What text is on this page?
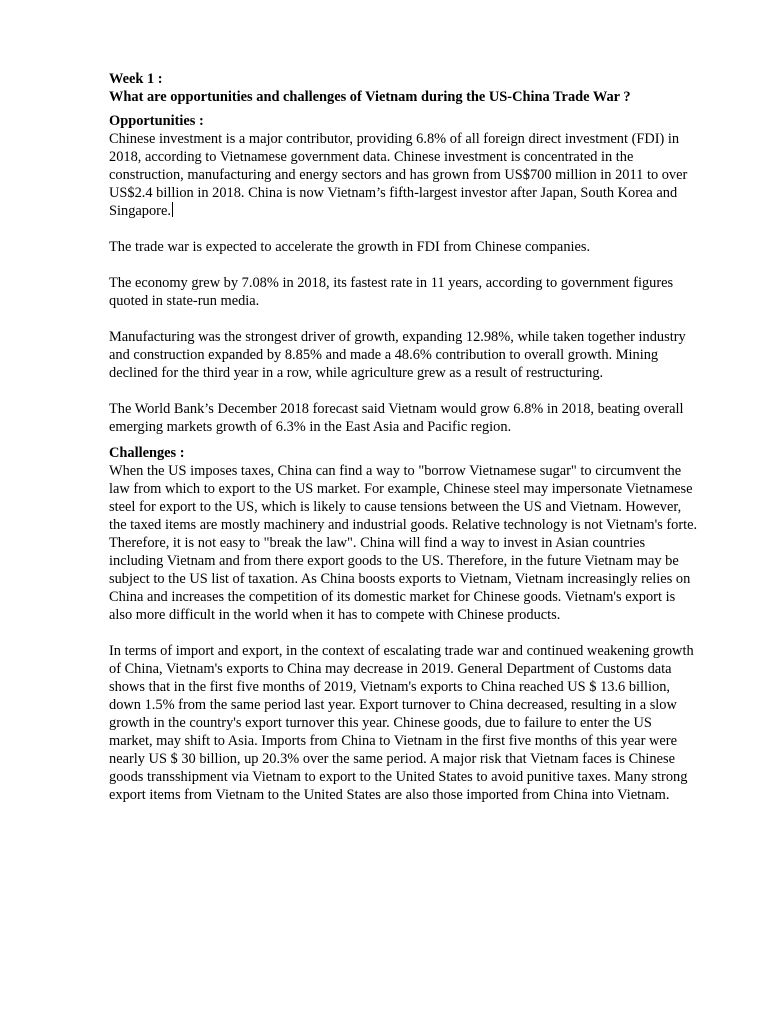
Week 1 :

What are opportunities and challenges of Vietnam during the US-China Trade War ?

Opportunities :

Chinese investment is a major contributor, providing 6.8% of all foreign direct investment (FDI) in 2018, according to Vietnamese government data. Chinese investment is concentrated in the construction, manufacturing and energy sectors and has grown from US$700 million in 2011 to over US$2.4 billion in 2018. China is now Vietnam’s fifth-largest investor after Japan, South Korea and Singapore.

The trade war is expected to accelerate the growth in FDI from Chinese companies.

The economy grew by 7.08% in 2018, its fastest rate in 11 years, according to government figures quoted in state-run media.

Manufacturing was the strongest driver of growth, expanding 12.98%, while taken together industry and construction expanded by 8.85% and made a 48.6% contribution to overall growth. Mining declined for the third year in a row, while agriculture grew as a result of restructuring.

The World Bank’s December 2018 forecast said Vietnam would grow 6.8% in 2018, beating overall emerging markets growth of 6.3% in the East Asia and Pacific region.

Challenges :

When the US imposes taxes, China can find a way to "borrow Vietnamese sugar" to circumvent the law from which to export to the US market. For example, Chinese steel may impersonate Vietnamese steel for export to the US, which is likely to cause tensions between the US and Vietnam. However, the taxed items are mostly machinery and industrial goods. Relative technology is not Vietnam's forte. Therefore, it is not easy to "break the law". China will find a way to invest in Asian countries including Vietnam and from there export goods to the US. Therefore, in the future Vietnam may be subject to the US list of taxation. As China boosts exports to Vietnam, Vietnam increasingly relies on China and increases the competition of its domestic market for Chinese goods. Vietnam's export is also more difficult in the world when it has to compete with Chinese products.

In terms of import and export, in the context of escalating trade war and continued weakening growth of China, Vietnam's exports to China may decrease in 2019. General Department of Customs data shows that in the first five months of 2019, Vietnam's exports to China reached US $ 13.6 billion, down 1.5% from the same period last year. Export turnover to China decreased, resulting in a slow growth in the country's export turnover this year. Chinese goods, due to failure to enter the US market, may shift to Asia. Imports from China to Vietnam in the first five months of this year were nearly US $ 30 billion, up 20.3% over the same period. A major risk that Vietnam faces is Chinese goods transshipment via Vietnam to export to the United States to avoid punitive taxes. Many strong export items from Vietnam to the United States are also those imported from China into Vietnam.
